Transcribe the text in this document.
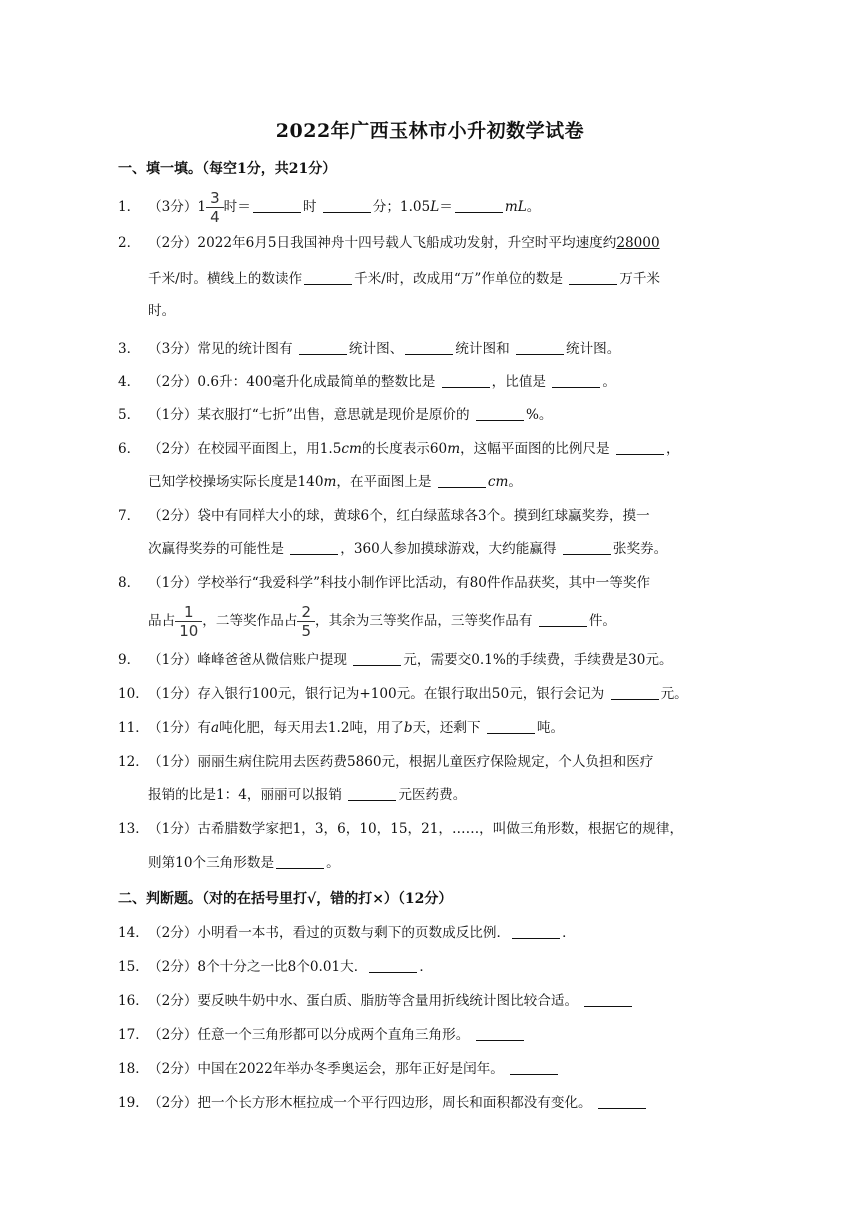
2022年广西玉林市小升初数学试卷
一、填一填。（每空1分，共21分）
1． （3分）$1 \frac{3}{4}$ 时＝	时	分；1.05L＝	mL。
2． （2分）2022年6月5日我国神舟十四号载人飞船成功发射，升空时平均速度约28000
千米/时。横线上的数读作	千米/时，改成用“万”作单位的数是	万千米
时。
3． （3分）常见的统计图有	统计图、	统计图和	统计图。
4． （2分）0.6升：400毫升化成最简单的整数比是	，比值是	。
5． （1分）某衣服打“七折”出售，意思就是现价是原价的	%。
6． （2分）在校园平面图上，用1.5cm的长度表示60m，这幅平面图的比例尺是	，
已知学校操场实际长度是140m，在平面图上是	cm。
7． （2分）袋中有同样大小的球，黄球6个，红白绿蓝球各3个。摸到红球赢奖券，摸一
次赢得奖券的可能性是	，360人参加摸球游戏，大约能赢得	张奖券。
8． （1分）学校举行“我爱科学”科技小制作评比活动，有80件作品获奖，其中一等奖作
品占 $\frac{1}{10}$ ，二等奖作品占 $\frac{2}{5}$ ，其余为三等奖作品，三等奖作品有	件。
9． （1分）峰峰爸爸从微信账户提现	元，需要交0.1%的手续费，手续费是30元。
10．（1分）存入银行100元，银行记为+100元。在银行取出50元，银行会记为	元。
11．（1分）有a吨化肥，每天用去1.2吨，用了b天，还剩下	吨。
12．（1分）丽丽生病住院用去医药费5860元，根据儿童医疗保险规定，个人负担和医疗
报销的比是1：4，丽丽可以报销	元医药费。
13．（1分）古希腊数学家把1，3，6，10，15，21，……，叫做三角形数，根据它的规律，
则第10个三角形数是	。
二、判断题。（对的在括号里打√，错的打×）（12分）
14．（2分）小明看一本书，看过的页数与剩下的页数成反比例．	．
15．（2分）8个十分之一比8个0.01大．	．
16．（2分）要反映牛奶中水、蛋白质、脂肪等含量用折线统计图比较合适。
17．（2分）任意一个三角形都可以分成两个直角三角形。
18．（2分）中国在2022年举办冬季奥运会，那年正好是闰年。
19．（2分）把一个长方形木框拉成一个平行四边形，周长和面积都没有变化。
